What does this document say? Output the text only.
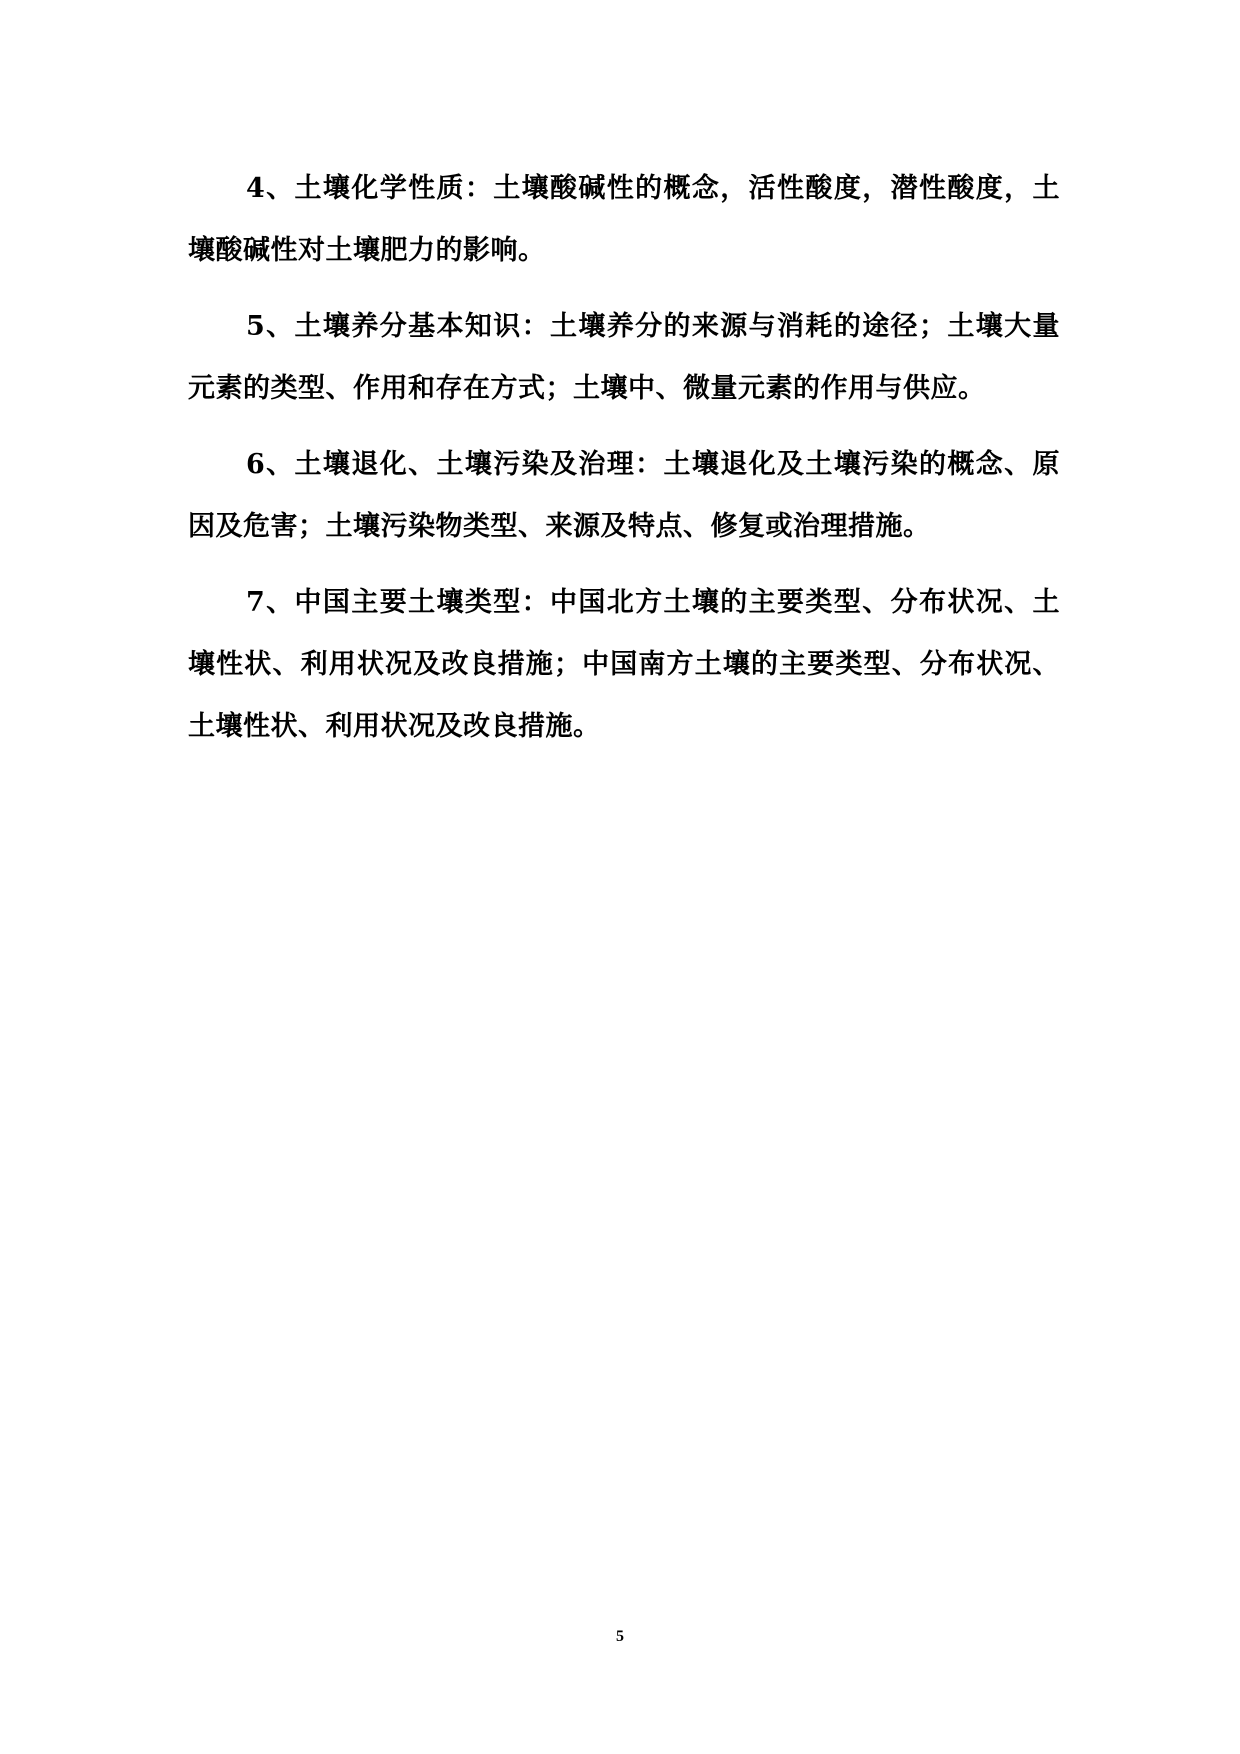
4、土壤化学性质：土壤酸碱性的概念，活性酸度，潜性酸度，土壤酸碱性对土壤肥力的影响。

5、土壤养分基本知识：土壤养分的来源与消耗的途径；土壤大量元素的类型、作用和存在方式；土壤中、微量元素的作用与供应。

6、土壤退化、土壤污染及治理：土壤退化及土壤污染的概念、原因及危害；土壤污染物类型、来源及特点、修复或治理措施。

7、中国主要土壤类型：中国北方土壤的主要类型、分布状况、土壤性状、利用状况及改良措施；中国南方土壤的主要类型、分布状况、土壤性状、利用状况及改良措施。

5
